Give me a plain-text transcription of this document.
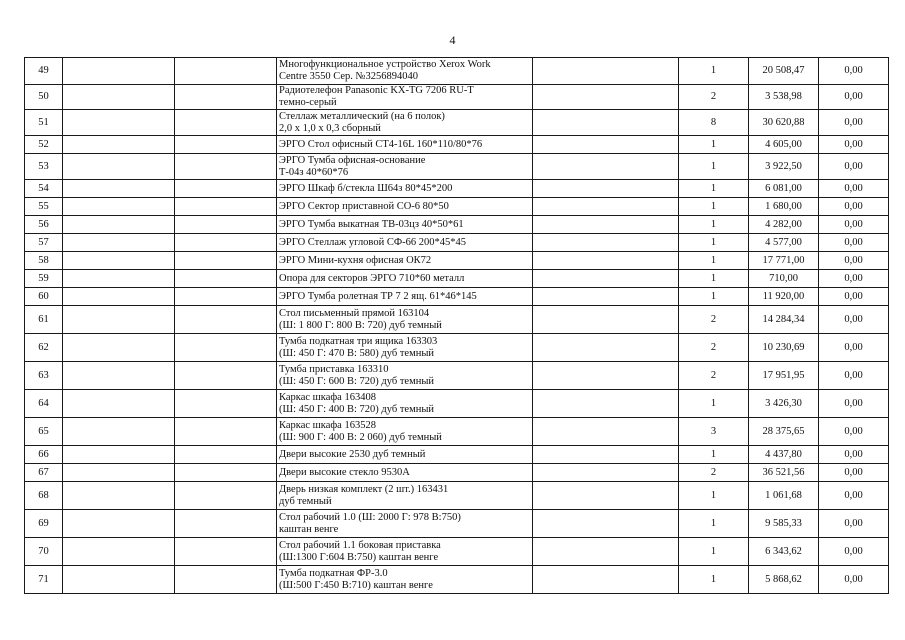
4
49			Многофункциональное устройство Xerox Work
Centre 3550 Сер. №3256894040		1	20 508,47	0,00
50			Радиотелефон Panasonic KX-TG 7206 RU-T
темно-серый		2	3 538,98	0,00
51			Стеллаж металлический (на 6 полок)
2,0 x 1,0 x 0,3 сборный		8	30 620,88	0,00
52			ЭРГО Стол офисный СТ4-16L 160*110/80*76		1	4 605,00	0,00
53			ЭРГО Тумба офисная-основание
Т-04з 40*60*76		1	3 922,50	0,00
54			ЭРГО Шкаф б/стекла Ш64з 80*45*200		1	6 081,00	0,00
55			ЭРГО Сектор приставной СО-6 80*50		1	1 680,00	0,00
56			ЭРГО Тумба выкатная ТВ-03цз 40*50*61		1	4 282,00	0,00
57			ЭРГО Стеллаж угловой СФ-66 200*45*45		1	4 577,00	0,00
58			ЭРГО Мини-кухня офисная ОК72		1	17 771,00	0,00
59			Опора для секторов ЭРГО 710*60 металл		1	710,00	0,00
60			ЭРГО Тумба ролетная ТР 7 2 ящ. 61*46*145		1	11 920,00	0,00
61			Стол письменный прямой 163104
(Ш: 1 800 Г: 800 В: 720) дуб темный		2	14 284,34	0,00
62			Тумба подкатная три ящика 163303
(Ш: 450 Г: 470 В: 580) дуб темный		2	10 230,69	0,00
63			Тумба приставка 163310
(Ш: 450 Г: 600 В: 720) дуб темный		2	17 951,95	0,00
64			Каркас шкафа 163408
(Ш: 450 Г: 400 В: 720) дуб темный		1	3 426,30	0,00
65			Каркас шкафа 163528
(Ш: 900 Г: 400 В: 2 060) дуб темный		3	28 375,65	0,00
66			Двери высокие 2530 дуб темный		1	4 437,80	0,00
67			Двери высокие стекло 9530А		2	36 521,56	0,00
68			Дверь низкая комплект (2 шт.) 163431
дуб темный		1	1 061,68	0,00
69			Стол рабочий 1.0 (Ш: 2000 Г: 978 В:750)
каштан венге		1	9 585,33	0,00
70			Стол рабочий 1.1 боковая приставка
(Ш:1300 Г:604 В:750) каштан венге		1	6 343,62	0,00
71			Тумба подкатная ФР-3.0
(Ш:500 Г:450 В:710) каштан венге		1	5 868,62	0,00
